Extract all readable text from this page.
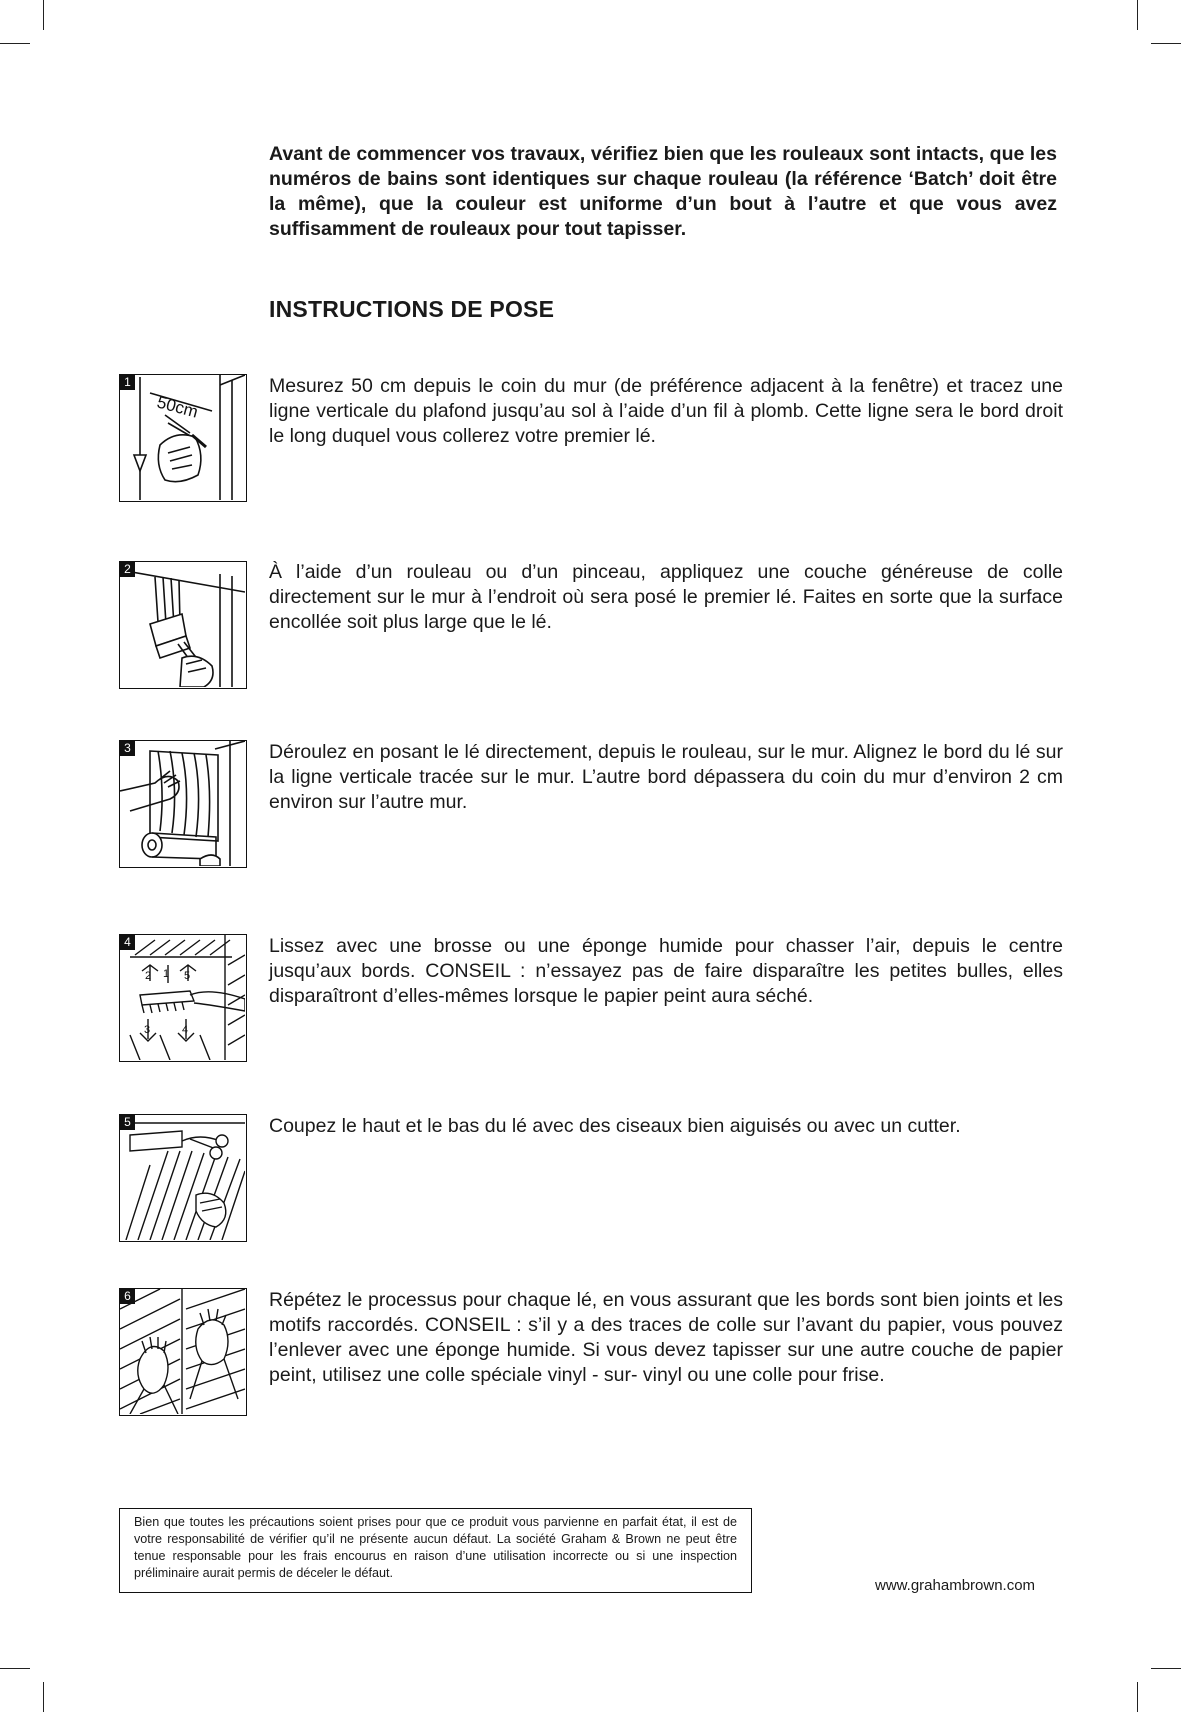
Avant de commencer vos travaux, vérifiez bien que les rouleaux sont intacts, que les numéros de bains sont identiques sur chaque rouleau (la référence ‘Batch’ doit être la même), que la couleur est uniforme d’un bout à l’autre et que vous avez suffisamment de rouleaux pour tout tapisser.

INSTRUCTIONS DE POSE
1
50cm

Mesurez 50 cm depuis le coin du mur (de préférence adjacent à la fenêtre) et tracez une ligne verticale du plafond jusqu’au sol à l’aide d’un fil à plomb. Cette ligne sera le bord droit le long duquel vous collerez votre premier lé.

2	À l’aide d’un rouleau ou d’un pinceau, appliquez une couche généreuse de colle directement sur le mur à l’endroit où sera posé le premier lé. Faites en sorte que la surface encollée soit plus large que le lé.

3	Déroulez en posant le lé directement, depuis le rouleau, sur le mur. Alignez le bord du lé sur la ligne verticale tracée sur le mur. L’autre bord dépassera du coin du mur d’environ 2 cm environ sur l’autre mur.

4
1
2
3	4
5

Lissez avec une brosse ou une éponge humide pour chasser l’air, depuis le centre jusqu’aux bords. CONSEIL : n’essayez pas de faire disparaître les petites bulles, elles disparaîtront d’elles-mêmes lorsque le papier peint aura séché.

5	Coupez le haut et le bas du lé avec des ciseaux bien aiguisés ou avec un cutter.

6	Répétez le processus pour chaque lé, en vous assurant que les bords sont bien joints et les motifs raccordés. CONSEIL : s’il y a des traces de colle sur l’avant du papier, vous pouvez l’enlever avec une éponge humide. Si vous devez tapisser sur une autre couche de papier peint, utilisez une colle spéciale vinyl - sur- vinyl ou une colle pour frise.

Bien que toutes les précautions soient prises pour que ce produit vous parvienne en parfait état, il est de votre responsabilité de vérifier qu’il ne présente aucun défaut. La société Graham & Brown ne peut être tenue responsable pour les frais encourus en raison d’une utilisation incorrecte ou si une inspection préliminaire aurait permis de déceler le défaut.
www.grahambrown.com
